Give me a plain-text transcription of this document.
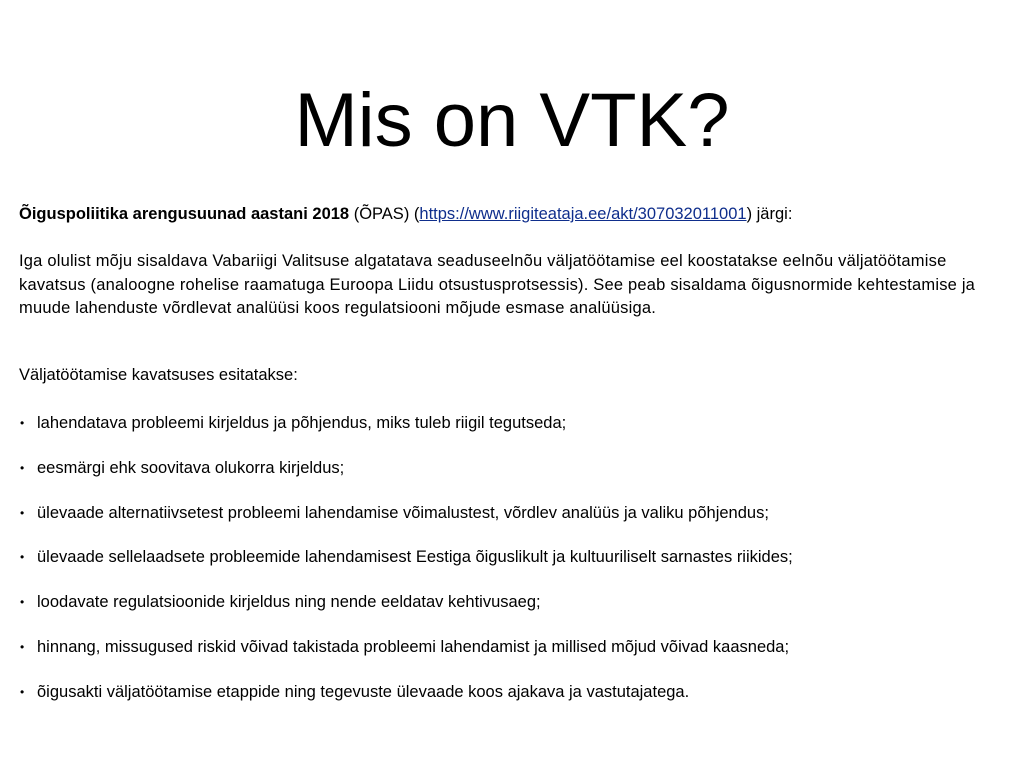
Mis on VTK?

Õiguspoliitika arengusuunad aastani 2018 (ÕPAS) (https://www.riigiteataja.ee/akt/307032011001) järgi:

Iga olulist mõju sisaldava Vabariigi Valitsuse algatatava seaduseelnõu väljatöötamise eel koostatakse eelnõu väljatöötamise kavatsus (analoogne rohelise raamatuga Euroopa Liidu otsustusprotsessis). See peab sisaldama õigusnormide kehtestamise ja muude lahenduste võrdlevat analüüsi koos regulatsiooni mõjude esmase analüüsiga.

Väljatöötamise kavatsuses esitatakse:

• lahendatava probleemi kirjeldus ja põhjendus, miks tuleb riigil tegutseda;
• eesmärgi ehk soovitava olukorra kirjeldus;
• ülevaade alternatiivsetest probleemi lahendamise võimalustest, võrdlev analüüs ja valiku põhjendus;
• ülevaade sellelaadsete probleemide lahendamisest Eestiga õiguslikult ja kultuuriliselt sarnastes riikides;
• loodavate regulatsioonide kirjeldus ning nende eeldatav kehtivusaeg;
• hinnang, missugused riskid võivad takistada probleemi lahendamist ja millised mõjud võivad kaasneda;
• õigusakti väljatöötamise etappide ning tegevuste ülevaade koos ajakava ja vastutajatega.
